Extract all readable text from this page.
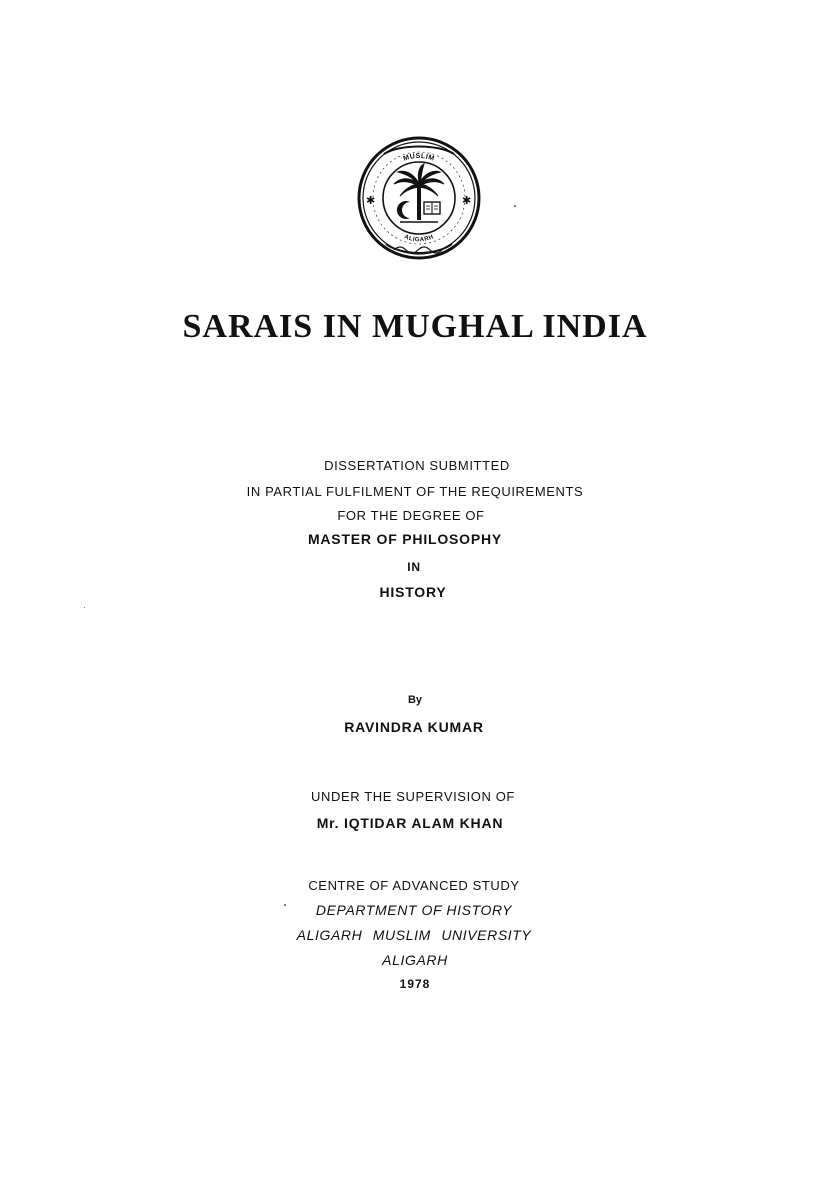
✱	✱
MUSLIM
ALIGARH
SARAIS IN MUGHAL INDIA
DISSERTATION SUBMITTED
IN PARTIAL FULFILMENT OF THE REQUIREMENTS
FOR THE DEGREE OF
MASTER OF PHILOSOPHY
IN
HISTORY
By
RAVINDRA KUMAR
UNDER THE SUPERVISION OF
Mr. IQTIDAR ALAM KHAN
CENTRE OF ADVANCED STUDY
DEPARTMENT OF HISTORY
ALIGARH MUSLIM UNIVERSITY
ALIGARH
1978
